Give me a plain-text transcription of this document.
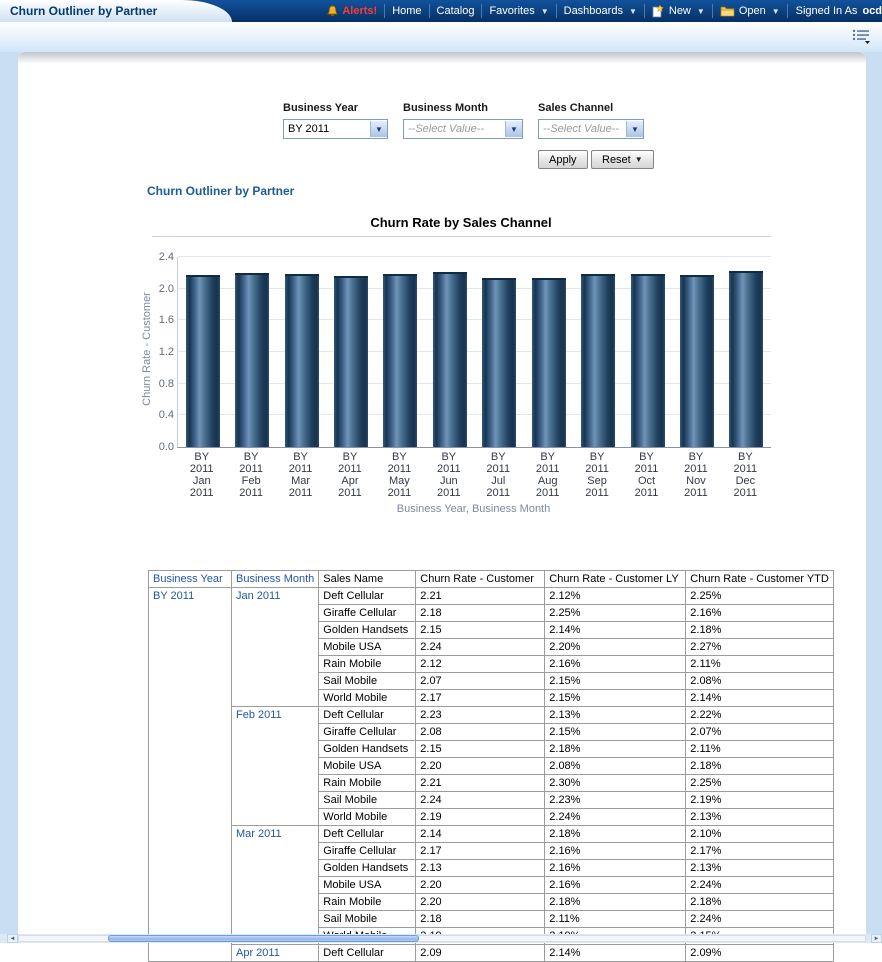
Churn Outliner by Partner	Alerts! Home Catalog Favorites ▼ Dashboards ▼	New ▼	Open ▼	Signed In As ocd
Business Year
BY 2011	▼
Business Month
--Select Value--	▼
Sales Channel
--Select Value--	▼
Apply Reset ▼
Churn Outliner by Partner
Churn Rate by Sales Channel
Churn Rate - Customer
0.0
0.4
0.8
1.2
1.6
2.0
2.4
BY
2011
Jan
2011
BY
2011
Feb
2011
BY
2011
Mar
2011
BY
2011
Apr
2011
BY
2011
May
2011
BY
2011
Jun
2011
BY
2011
Jul
2011
BY
2011
Aug
2011
BY
2011
Sep
2011
BY
2011
Oct
2011
BY
2011
Nov
2011
BY
2011
Dec
2011
Business Year, Business Month
Business Year	Business Month	Sales Name	Churn Rate - Customer	Churn Rate - Customer LY	Churn Rate - Customer YTD
BY 2011	Jan 2011	Deft Cellular	2.21	2.12%	2.25%
		Giraffe Cellular	2.18	2.25%	2.16%
		Golden Handsets	2.15	2.14%	2.18%
		Mobile USA	2.24	2.20%	2.27%
		Rain Mobile	2.12	2.16%	2.11%
		Sail Mobile	2.07	2.15%	2.08%
		World Mobile	2.17	2.15%	2.14%
	Feb 2011	Deft Cellular	2.23	2.13%	2.22%
		Giraffe Cellular	2.08	2.15%	2.07%
		Golden Handsets	2.15	2.18%	2.11%
		Mobile USA	2.20	2.08%	2.18%
		Rain Mobile	2.21	2.30%	2.25%
		Sail Mobile	2.24	2.23%	2.19%
		World Mobile	2.19	2.24%	2.13%
	Mar 2011	Deft Cellular	2.14	2.18%	2.10%
		Giraffe Cellular	2.17	2.16%	2.17%
		Golden Handsets	2.13	2.16%	2.13%
		Mobile USA	2.20	2.16%	2.24%
		Rain Mobile	2.20	2.18%	2.18%
		Sail Mobile	2.18	2.11%	2.24%

	Apr 2011	Deft Cellular	2.09	2.14%	2.09%
◄	►
